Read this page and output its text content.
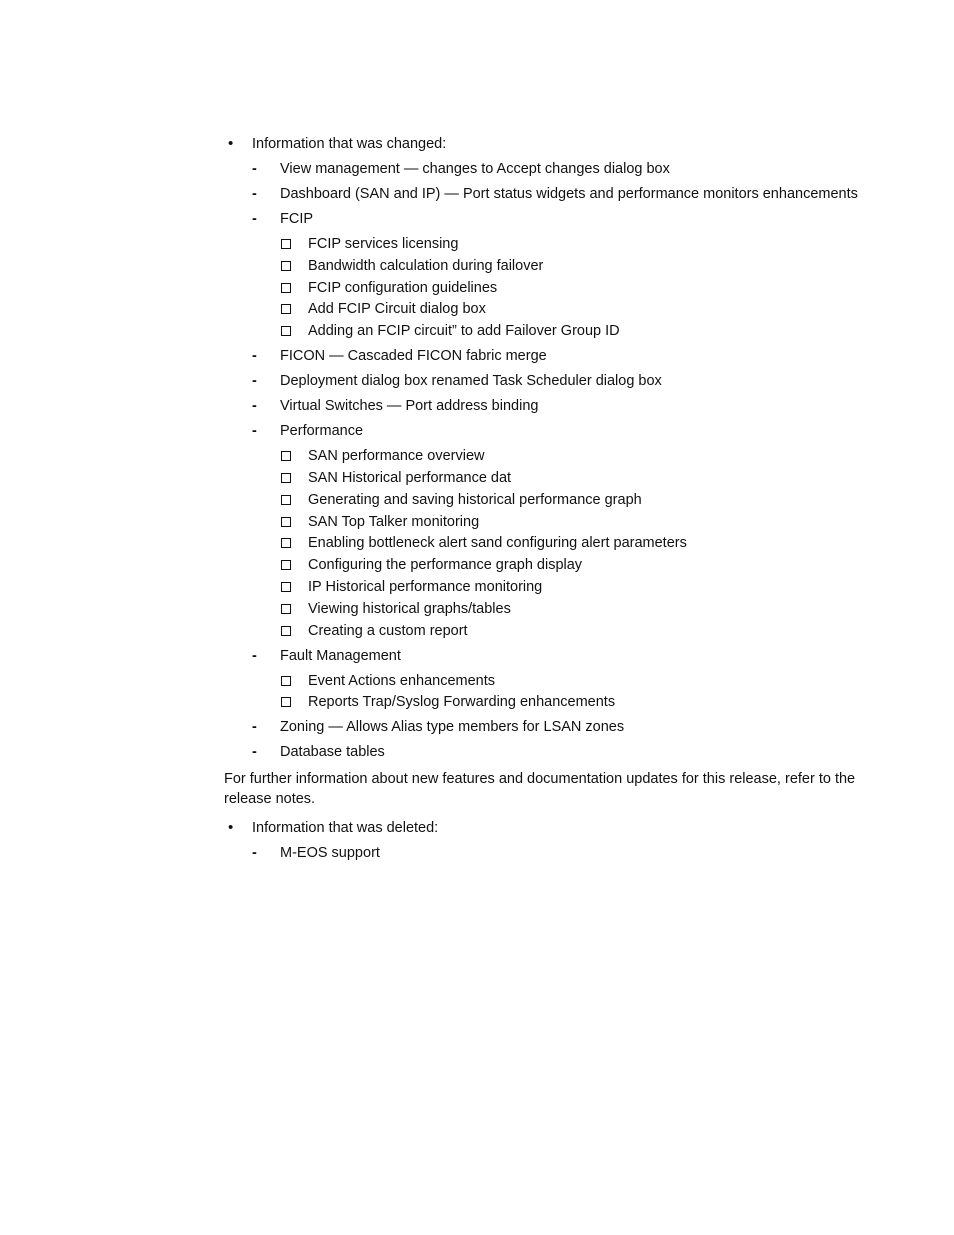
• Information that was changed:
- View management — changes to Accept changes dialog box
- Dashboard (SAN and IP) — Port status widgets and performance monitors enhancements
- FCIP
FCIP services licensing
Bandwidth calculation during failover
FCIP configuration guidelines
Add FCIP Circuit dialog box
Adding an FCIP circuit” to add Failover Group ID
- FICON — Cascaded FICON fabric merge
- Deployment dialog box renamed Task Scheduler dialog box
- Virtual Switches — Port address binding
- Performance
SAN performance overview
SAN Historical performance dat
Generating and saving historical performance graph
SAN Top Talker monitoring
Enabling bottleneck alert sand configuring alert parameters
Configuring the performance graph display
IP Historical performance monitoring
Viewing historical graphs/tables
Creating a custom report
- Fault Management
Event Actions enhancements
Reports Trap/Syslog Forwarding enhancements
- Zoning — Allows Alias type members for LSAN zones
- Database tables
For further information about new features and documentation updates for this release, refer to the release notes.
• Information that was deleted:
- M-EOS support
